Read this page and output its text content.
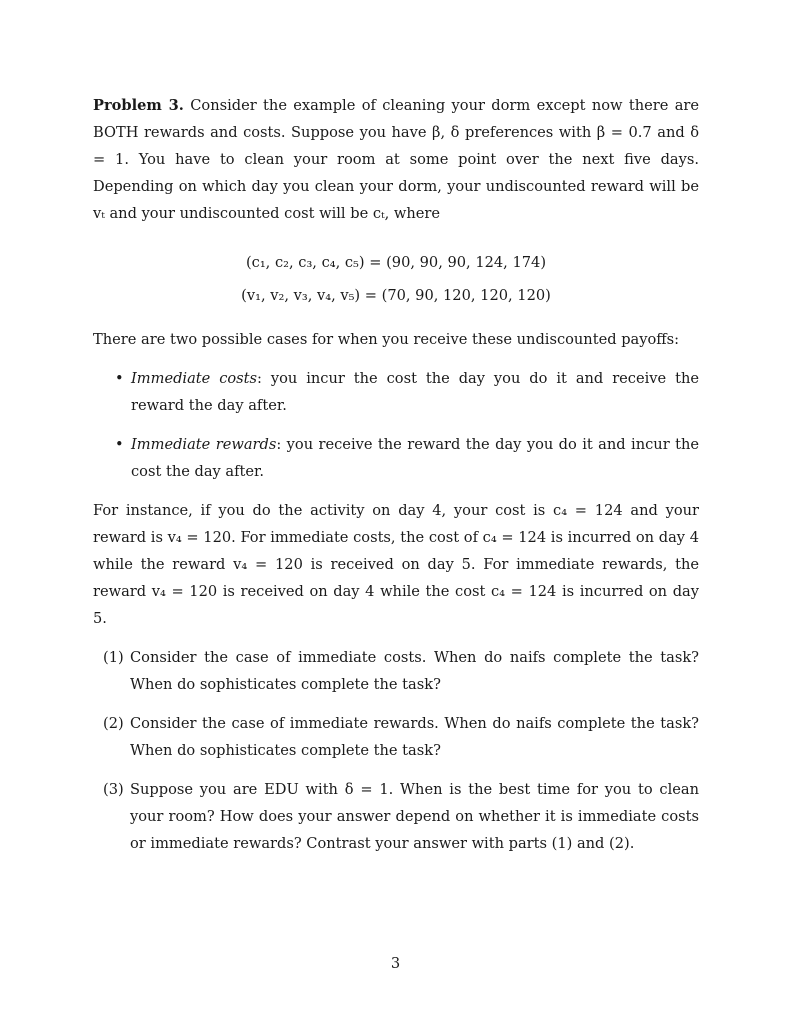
Problem 3. Consider the example of cleaning your dorm except now there are BOTH rewards and costs. Suppose you have β, δ preferences with β = 0.7 and δ = 1. You have to clean your room at some point over the next five days. Depending on which day you clean your dorm, your undiscounted reward will be vₜ and your undiscounted cost will be cₜ, where

(c₁, c₂, c₃, c₄, c₅) = (90, 90, 90, 124, 174)
(v₁, v₂, v₃, v₄, v₅) = (70, 90, 120, 120, 120)

There are two possible cases for when you receive these undiscounted payoffs:

• Immediate costs: you incur the cost the day you do it and receive the reward the day after.
• Immediate rewards: you receive the reward the day you do it and incur the cost the day after.

For instance, if you do the activity on day 4, your cost is c₄ = 124 and your reward is v₄ = 120. For immediate costs, the cost of c₄ = 124 is incurred on day 4 while the reward v₄ = 120 is received on day 5. For immediate rewards, the reward v₄ = 120 is received on day 4 while the cost c₄ = 124 is incurred on day 5.

(1) Consider the case of immediate costs. When do naifs complete the task? When do sophisticates complete the task?
(2) Consider the case of immediate rewards. When do naifs complete the task? When do sophisticates complete the task?
(3) Suppose you are EDU with δ = 1. When is the best time for you to clean your room? How does your answer depend on whether it is immediate costs or immediate rewards? Contrast your answer with parts (1) and (2).
3
